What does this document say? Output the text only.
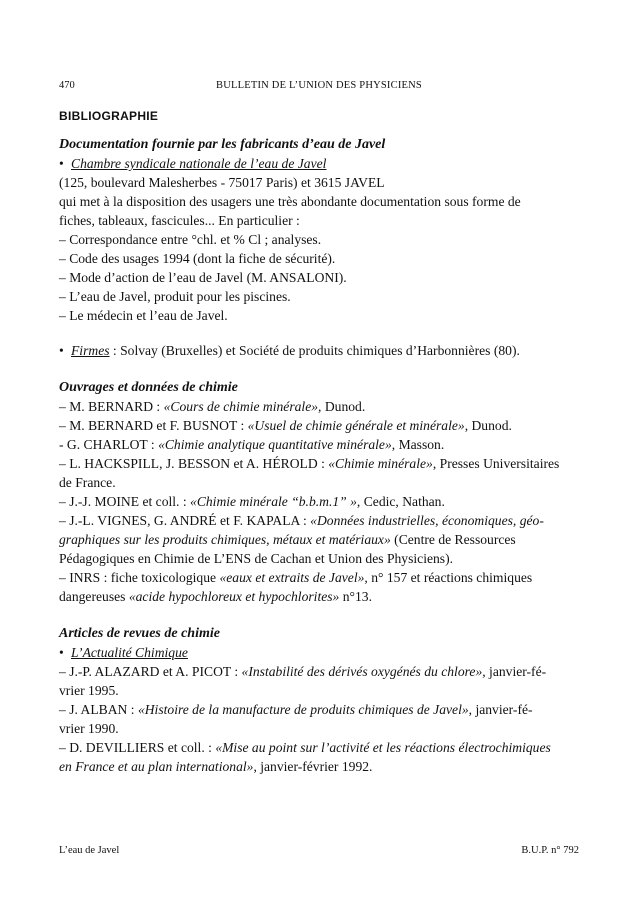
470	BULLETIN DE L’UNION DES PHYSICIENS
BIBLIOGRAPHIE

Documentation fournie par les fabricants d’eau de Javel

• Chambre syndicale nationale de l’eau de Javel

(125, boulevard Malesherbes - 75017 Paris) et 3615 JAVEL

qui met à la disposition des usagers une très abondante documentation sous forme de

fiches, tableaux, fascicules... En particulier :

– Correspondance entre °chl. et % Cl ; analyses.

– Code des usages 1994 (dont la fiche de sécurité).

– Mode d’action de l’eau de Javel (M. ANSALONI).

– L’eau de Javel, produit pour les piscines.

– Le médecin et l’eau de Javel.

• Firmes : Solvay (Bruxelles) et Société de produits chimiques d’Harbonnières (80).

Ouvrages et données de chimie

– M. BERNARD : «Cours de chimie minérale», Dunod.

– M. BERNARD et F. BUSNOT : «Usuel de chimie générale et minérale», Dunod.

- G. CHARLOT : «Chimie analytique quantitative minérale», Masson.

– L. HACKSPILL, J. BESSON et A. HÉROLD : «Chimie minérale», Presses Universitaires

de France.

– J.-J. MOINE et coll. : «Chimie minérale “b.b.m.1” », Cedic, Nathan.

– J.-L. VIGNES, G. ANDRÉ et F. KAPALA : «Données industrielles, économiques, géo-

graphiques sur les produits chimiques, métaux et matériaux» (Centre de Ressources

Pédagogiques en Chimie de L’ENS de Cachan et Union des Physiciens).

– INRS : fiche toxicologique «eaux et extraits de Javel», n° 157 et réactions chimiques

dangereuses «acide hypochloreux et hypochlorites» n°13.

Articles de revues de chimie

• L’Actualité Chimique

– J.-P. ALAZARD et A. PICOT : «Instabilité des dérivés oxygénés du chlore», janvier-fé-

vrier 1995.

– J. ALBAN : «Histoire de la manufacture de produits chimiques de Javel», janvier-fé-

vrier 1990.

– D. DEVILLIERS et coll. : «Mise au point sur l’activité et les réactions électrochimiques

en France et au plan international», janvier-février 1992.

L’eau de Javel	B.U.P. n° 792
